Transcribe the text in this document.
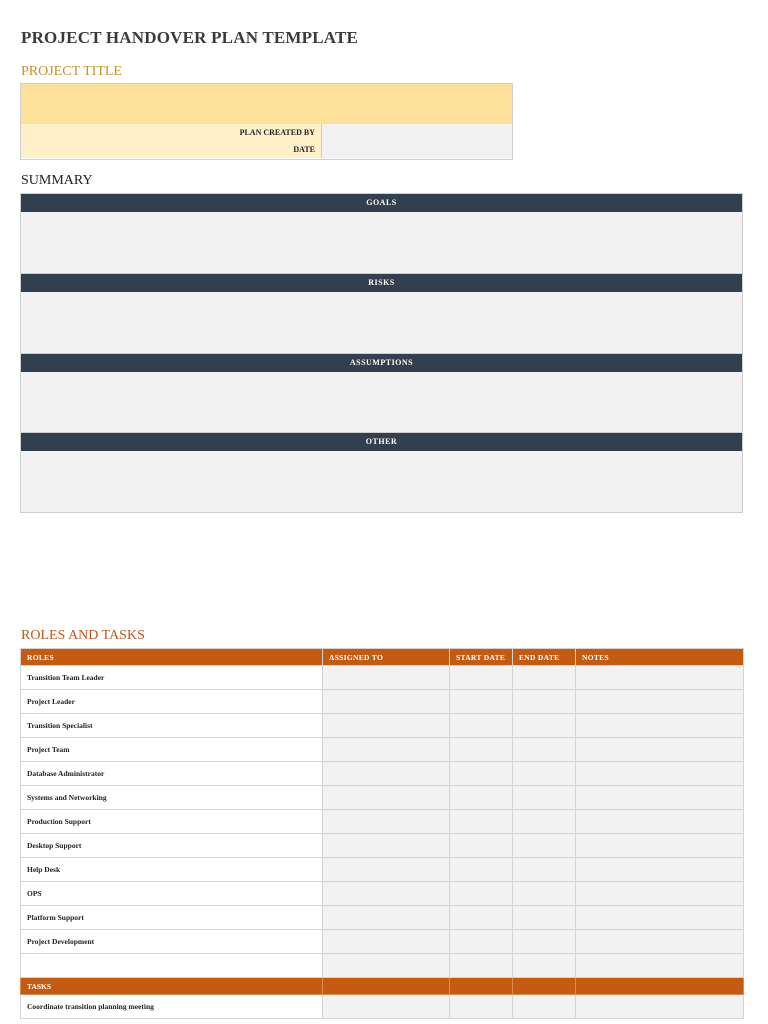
PROJECT HANDOVER PLAN TEMPLATE
PROJECT TITLE
PLAN CREATED BY
DATE
SUMMARY
GOALS
RISKS
ASSUMPTIONS
OTHER
ROLES AND TASKS
ROLES	ASSIGNED TO	START DATE	END DATE	NOTES
Transition Team Leader				
Project Leader				
Transition Specialist				
Project Team				
Database Administrator				
Systems and Networking				
Production Support				
Desktop Support				
Help Desk				
OPS				
Platform Support				
Project Development				

TASKS				
Coordinate transition planning meeting				
